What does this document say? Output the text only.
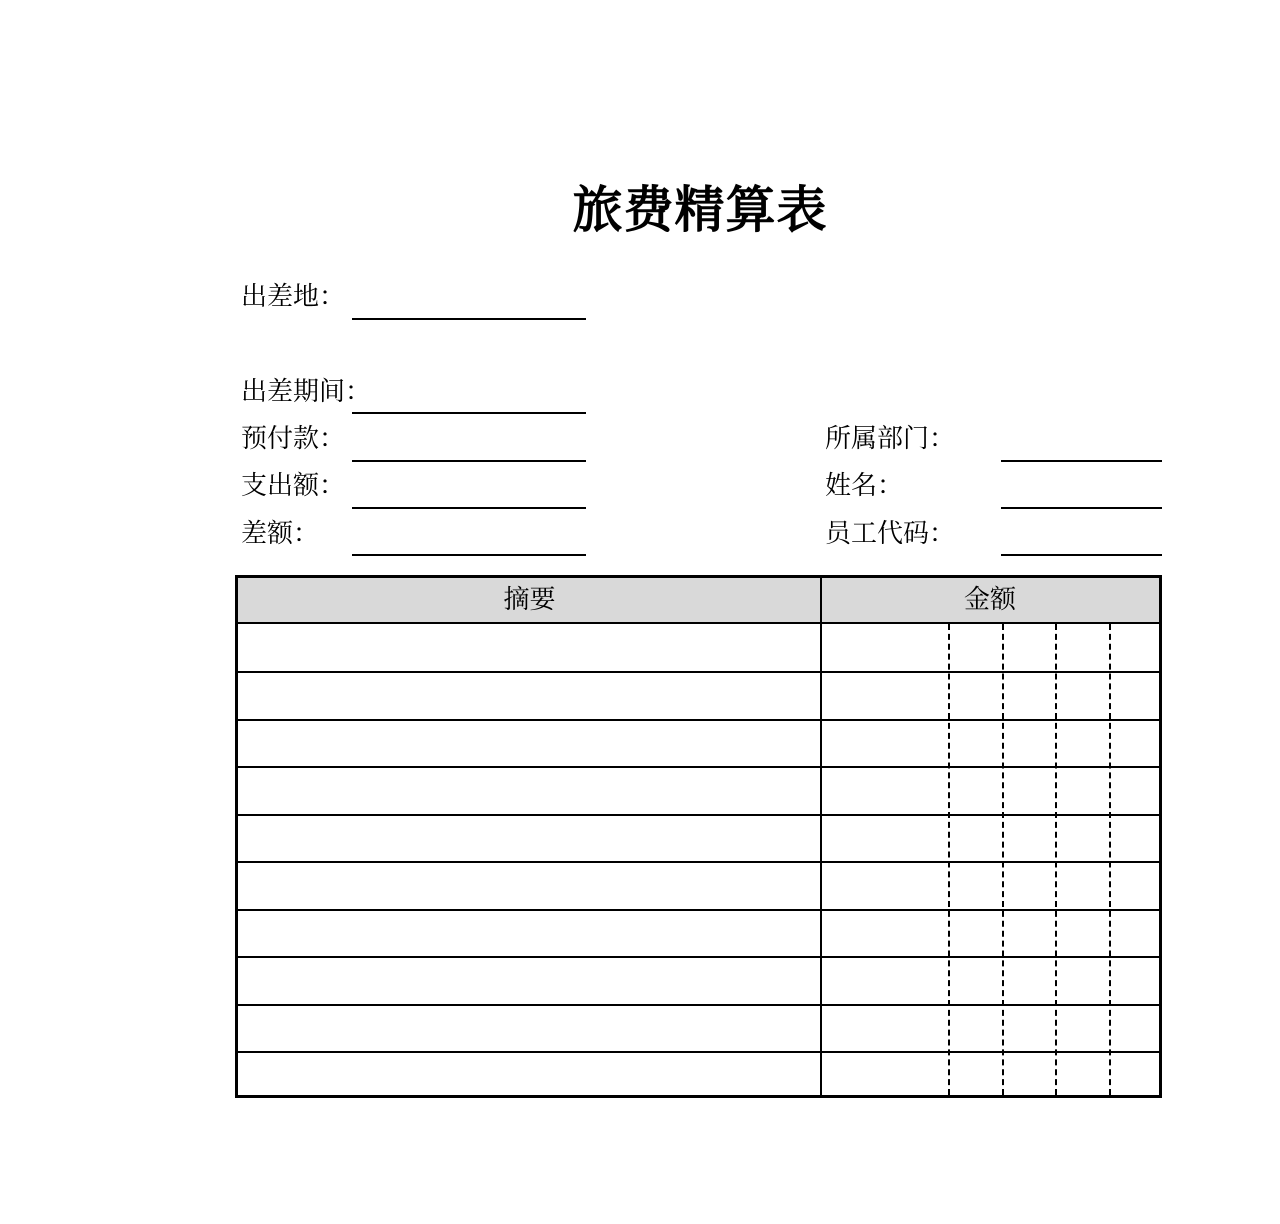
旅费精算表
出差地：
出差期间：
预付款：
支出额：
差额：
所属部门：
姓名：
员工代码：
摘要	金额
